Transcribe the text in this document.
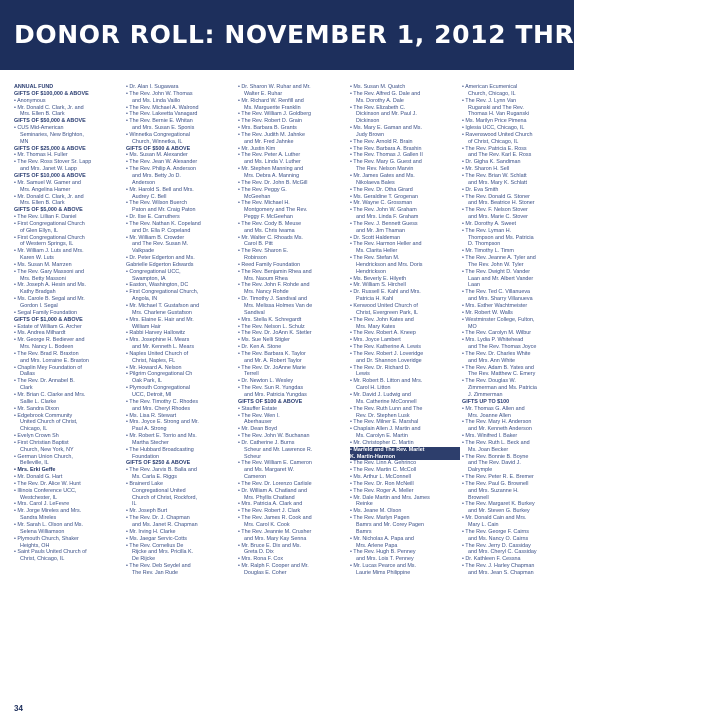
DONOR ROLL: NOVEMBER 1, 2012 THROUGH AP
ANNUAL FUND
GIFTS OF $100,000 & ABOVE
• Anonymous
• Mr. Donald C. Clark, Jr. and
Mrs. Ellen B. Clark
GIFTS OF $50,000 & ABOVE
• CUS Mid-American
Seminaries, New Brighton,
MN
GIFTS OF $25,000 & ABOVE
• Mr. Thomas H. Fuller
• The Rev. Ross Stover Sr. Lapp
and Mrs. Janet W. Lapp
GIFTS OF $10,000 & ABOVE
• Mr. Samuel W. Gamer and
Mrs. Angelina Hamer
• Mr. Donald C. Clark, Jr. and
Mrs. Ellen B. Clark
GIFTS OF $5,000 & ABOVE
• The Rev. Lillian F. Daniel
• First Congregational Church
of Glen Ellyn, IL
• First Congregational Church
of Western Springs, IL
• Mr. William J. Luts and Mrs.
Karen W. Luts
• Ms. Susan M. Marrzen
• The Rev. Gary Massoni and
Mrs. Betty Massoni
• Mr. Joseph A. Hesin and Ms.
Kathy Bradgah
• Ms. Carole B. Segal and Mr.
Gordon I. Segal
• Segal Family Foundation
GIFTS OF $1,000 & ABOVE
• Estate of William G. Archer
• Ms. Andrea Milhardt
• Mr. George R. Bediever and
Mrs. Nancy L. Bodeen
• The Rev. Brad R. Braxton
and Mrs. Lorraine E. Braxton
• Chaplin Mey Foundation of
Dallas
• The Rev. Dr. Annabel B.
Clark
• Mr. Brian C. Clarke and Mrs.
Sallie L. Clarke
• Mr. Sandra Dixon
• Edgebrook Community
United Church of Christ,
Chicago, IL
• Evelyn Crown Sh
• First Christian Baptist
Church, New York, NY
• German Union Church,
Belleville, IL
• Mrs. Erki Geffe
• Mr. Donald G. Hart
• The Rev. Dr. Alice W. Hunt
• Illinois Conference UCC,
Westchester, IL
• Mrs. Carol J. LeFevre
• Mr. Jorge Mireles and Mrs.
Sandra Mireles
• Mr. Sarah L. Olson and Ms.
Selena Williamson
• Plymouth Church, Shaker
Heights, OH
• Saint Pauls United Church of
Christ, Chicago, IL
• Dr. Alan I. Sugawara
• The Rev. John W. Thomas
and Ms. Linda Vaillo
• The Rev. Michael A. Walrond
• The Rev. Lakeetta Vanagard
• The Rev. Bernie E. Whitan
and Mrs. Susan E. Sponis
• Winnetka Congregational
Church, Winnetka, IL
GIFTS OF $500 & ABOVE
• Ms. Susan M. Alexander
• The Rev. Jean W. Alexander
• The Rev. Philip A. Anderson
and Mrs. Betty Jo D.
Anderson
• Mr. Harold S. Bell and Mrs.
Audrey C. Bell
• The Rev. Wilson Buerch
Paton and Mr. Craig Paton
• Dr. Ilse E. Carruthers
• The Rev. Nathan K. Copeland
and Dr. Ella P. Copeland
• Mr. William B. Crowder
and The Rev. Susan M.
Valkpade
• Dr. Peter Edgerton and Ms.
Gabrielle Edgerton Edwards
• Congregational UCC,
Swampton, IA
• Easton, Washington, DC
• First Congregational Church,
Angola, IN
• Mr. Michael T. Gustafson and
Mrs. Charlene Gustafson
• Mrs. Elaine E. Hair and Mr.
William Hair
• Rabbi Harvey Hallowitz
• Mrs. Josephine H. Mears
and Mr. Kenneth L. Mears
• Naples United Church of
Christ, Naples, FL
• Mr. Howard A. Nelson
• Pilgrim Congregational Ch
Oak Park, IL
• Plymouth Congregational
UCC, Detroit, MI
• The Rev. Timothy C. Rhodes
and Mrs. Cheryl Rhodes
• Ms. Lisa R. Stewart
• Mrs. Joyce E. Strong and Mr.
Paul A. Strong
• Mr. Robert E. Torrio and Ms.
Martha Stecher
• The Hubbard Broadcasting
Foundation
GIFTS OF $250 & ABOVE
• The Rev. Jarvis B. Balla and
Ms. Carla E. Riggs
• Brainerd Lake
Congregational United
Church of Christ, Rockford,
IL
• Mr. Joseph Burt
• The Rev. Dr. J. Chapman
and Ms. Janet R. Chapman
• Mr. Irving H. Clarke
• Ms. Jaegar Servic-Cotts
• The Rev. Cornelius De
Rijcke and Mrs. Pricilla K.
De Rijcke
• The Rev. Deb Seydel and
The Rev. Jan Rude
• Dr. Sharon W. Ruhar and Mr.
Walter E. Ruhar
• Mr. Richard W. Renfill and
Ms. Marguerite Franklin
• The Rev. William J. Goldberg
• The Rev. Robert D. Grain
• Mrs. Barbara B. Grants
• The Rev. Judith M. Jahnke
and Mr. Fred Jahnke
• Mr. Justin Kim
• The Rev. Peter A. Luther
and Ms. Linda V. Luther
• Mr. Stephen Manning and
Mrs. Debra A. Manning
• The Rev. Dr. John B. McGill
• The Rev. Peggy G.
McGeehan
• The Rev. Michael H.
Montgomery and The Rev.
Peggy F. McGeehan
• The Rev. Cody B. Meuse
and Ms. Chris Iwama
• Mr. Walter C. Rhoads Ms.
Carol B. Pitt
• The Rev. Sharon E.
Robinson
• Reed Family Foundation
• The Rev. Benjamin Rhea and
Mrs. Naoum Rhea
• The Rev. John F. Rohde and
Mrs. Nancy Rohde
• Dr. Timothy J. Sandival and
Mrs. Melissa Holmes Van de
Sandival
• Mrs. Stella K. Schregardt
• The Rev. Nelson L. Schulz
• The Rev. Dr. JoAnn K. Stetler
• Ms. Sue Nelli Stigler
• Dr. Ken A. Stone
• The Rev. Barbara K. Taylor
and Mr. A. Robert Taylor
• The Rev. Dr. JoAnne Marie
Terrell
• Dr. Newton L. Wesley
• The Rev. Sun R. Yungdas
and Mrs. Patricia Yungdas
GIFTS OF $100 & ABOVE
• Stauffer Estate
• The Rev. Wen I.
Aberhauser
• Mr. Dean Boyd
• The Rev. John W. Buchanan
• Dr. Catherine J. Burns
Scheur and Mr. Lawrence R.
Scheur
• The Rev. William E. Cameron
and Ms. Margaret W.
Cameron
• The Rev. Dr. Lorenzo Carlisle
• Dr. William A. Chatland and
Mrs. Phyllis Chatland
• Mrs. Patricia A. Clark and
• The Rev. Robert J. Clark
• The Rev. James R. Cook and
Mrs. Carol K. Cook
• The Rev. Jeannie M. Crusher
and Mrs. Mary Kay Senna
• Mr. Bruce E. Dix and Ms.
Greta D. Dix
• Mrs. Rona F. Cox
• Mr. Ralph F. Cooper and Mr.
Douglas E. Coher
• Ms. Susan M. Quatch
• The Rev. Alfred G. Dale and
Ms. Dorothy A. Dale
• The Rev. Elizabeth C.
Dickinson and Mr. Paul J.
Dickinson
• Ms. Mary E. Gaman and Ms.
Judy Brown
• The Rev. Arnold R. Brain
• The Rev. Barbara A. Brashin
• The Rev. Thomas J. Gallen II
• The Rev. Mary G. Guest and
The Rev. Nelson Marvin
• Mr. James Gates and Ms.
Nikolaeva Bales
• The Rev. Dr. Otha Girard
• Ms. Geraldine T. Grogenan
• Mr. Wayne C. Grossman
• The Rev. John W. Graham
and Mrs. Linda F. Graham
• The Rev. J. Bennett Guess
and Mr. Jim Thaman
• Dr. Scott Haldeman
• The Rev. Harmon Heller and
Ms. Clarita Heller
• The Rev. Stefan M.
Hendrickson and Mrs. Doris
Hendrickson
• Ms. Beverly E. Hilyeth
• Mr. William S. Hirchell
• Dr. Russell E. Kahl and Mrs.
Patricia H. Kahl
• Kenwood United Church of
Christ, Evergreen Park, IL
• The Rev. John Kates and
Mrs. Mary Kates
• The Rev. Robert A. Kneep
• Mrs. Joyce Lambert
• The Rev. Katherine A. Lewis
• The Rev. Robert J. Loveridge
and Dr. Shannon Loveridge
• The Rev. Dr. Richard D.
Lewis
• Mr. Robert B. Litton and Mrs.
Carol H. Litton
• Mr. David J. Ludwig and
Ms. Catherine McConnell
• The Rev. Ruth Lunn and The
Rev. Dr. Stephen Lusk
• The Rev. Milner E. Marshal
• Chaplain Allen J. Martin and
Ms. Carolyn E. Martin
• Mr. Christopher C. Martin
• Marfeld and The Rev. Marlet
K. Martin-Harmon
• The Rev. Linn A. Gehrinco
• The Rev. Martin C. McColl
• Ms. Arthur L. McConnell
• The Rev. Dr. Ron McNeill
• The Rev. Roger A. Meller
• Mr. Dale Martin and Mrs. James
Reinke
• Ms. Jeane M. Olson
• The Rev. Marlyn Pagen
Bamrs and Mr. Corey Pagen
Bamrs
• Mr. Nicholas A. Papa and
Mrs. Arlene Papa
• The Rev. Hugh B. Penney
and Mrs. Lois T. Penney
• Mr. Lucas Pearce and Ms.
Laurie Mims Philippine
• American Ecumenical
Church, Chicago, IL
• The Rev. J. Lynn Van
Ruganski and The Rev.
Thomas H. Van Ruganski
• Ms. Marilyn Price Pimena
• Iglesia UCC, Chicago, IL
• Ravenswood United Church
of Christ, Chicago, IL
• The Rev. Patricia E. Ross
and The Rev. Karl E. Ross
• Dr. Gigha K. Sandiman
• Mr. Sharon H. Sell
• The Rev. Brian W. Schlatt
and Mrs. Mary K. Schlatt
• Dr. Eva Smith
• The Rev. Donald G. Stoner
and Mrs. Beatrice H. Stoner
• The Rev. F. Nelson Stover
and Mrs. Marie C. Stover
• Mr. Dorothy A. Sweet
• The Rev. Lyman H.
Thompson and Ms. Patricia
D. Thompson
• Mr. Timothy L. Timm
• The Rev. Jeanne A. Tyler and
The Rev. John W. Tyler
• The Rev. Dwight D. Vander
Laan and Mr. Albert Vander
Laan
• The Rev. Ted C. Villanueva
and Mrs. Sharry Villanueva
• Mrs. Esther Wachtmeister
• Mr. Robert W. Walls
• Westminster College, Fulton,
MO
• The Rev. Carolyn M. Wilbur
• Mrs. Lydia P. Whitehead
and The Rev. Thomas Joyce
• The Rev. Dr. Charles White
and Mrs. Ann White
• The Rev. Adam B. Yates and
The Rev. Matthew C. Emery
• The Rev. Douglas W.
Zimmerman and Ms. Patricia
J. Zimmerman
GIFTS UP TO $100
• Mr. Thomas G. Allen and
Mrs. Joanne Allen
• The Rev. Mary H. Anderson
and Mr. Kenneth Anderson
• Mrs. Winifred I. Baker
• The Rev. Ruth L. Beck and
Ms. Joan Becker
• The Rev. Bonnie B. Boyne
and The Rev. David J.
Dalrymple
• The Rev. Peter R. E. Bremer
• The Rev. Paul G. Brownell
and Mrs. Suzanne H.
Brownell
• The Rev. Margaret K. Burkey
and Mr. Steven G. Burkey
• Mr. Donald Cain and Mrs.
Mary L. Cain
• The Rev. George F. Cairns
and Ms. Nancy O. Cairns
• The Rev. Jerry D. Cassiday
and Mrs. Cheryl C. Cassiday
• Dr. Kathleen F. Cessna
• The Rev. J. Harley Chapman
and Mrs. Jean S. Chapman
34
